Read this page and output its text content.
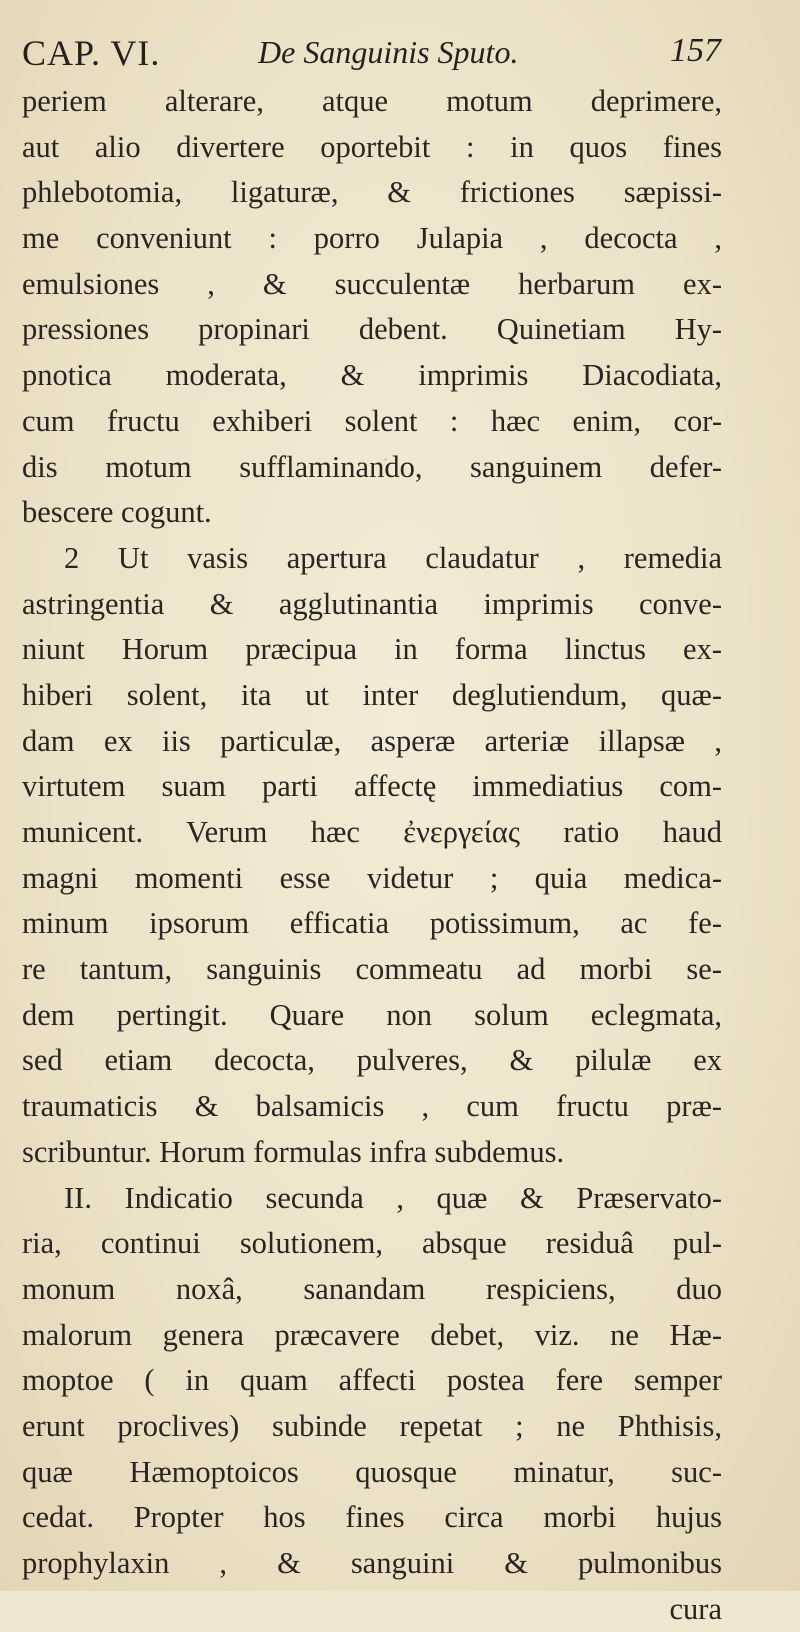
CAP. VI.	De Sanguinis Sputo.	157
periem alterare, atque motum deprimere,
aut alio divertere oportebit : in quos fines
phlebotomia, ligaturæ, & frictiones sæpissi-
me conveniunt : porro Julapia , decocta ,
emulsiones , & succulentæ herbarum ex-
pressiones propinari debent. Quinetiam Hy-
pnotica moderata, & imprimis Diacodiata,
cum fructu exhiberi solent : hæc enim, cor-
dis motum sufflaminando, sanguinem defer-
bescere cogunt.
2 Ut vasis apertura claudatur , remedia
astringentia & agglutinantia imprimis conve-
niunt Horum præcipua in forma linctus ex-
hiberi solent, ita ut inter deglutiendum, quæ-
dam ex iis particulæ, asperæ arteriæ illapsæ ,
virtutem suam parti affectę immediatius com-
municent. Verum hæc ἐνεργείας ratio haud
magni momenti esse videtur ; quia medica-
minum ipsorum efficatia potissimum, ac fe-
re tantum, sanguinis commeatu ad morbi se-
dem pertingit. Quare non solum eclegmata,
sed etiam decocta, pulveres, & pilulæ ex
traumaticis & balsamicis , cum fructu præ-
scribuntur. Horum formulas infra subdemus.
II. Indicatio secunda , quæ & Præservato-
ria, continui solutionem, absque residuâ pul-
monum noxâ, sanandam respiciens, duo
malorum genera præcavere debet, viz. ne Hæ-
moptoe ( in quam affecti postea fere semper
erunt proclives) subinde repetat ; ne Phthisis,
quæ Hæmoptoicos quosque minatur, suc-
cedat. Propter hos fines circa morbi hujus
prophylaxin , & sanguini & pulmonibus
cura
